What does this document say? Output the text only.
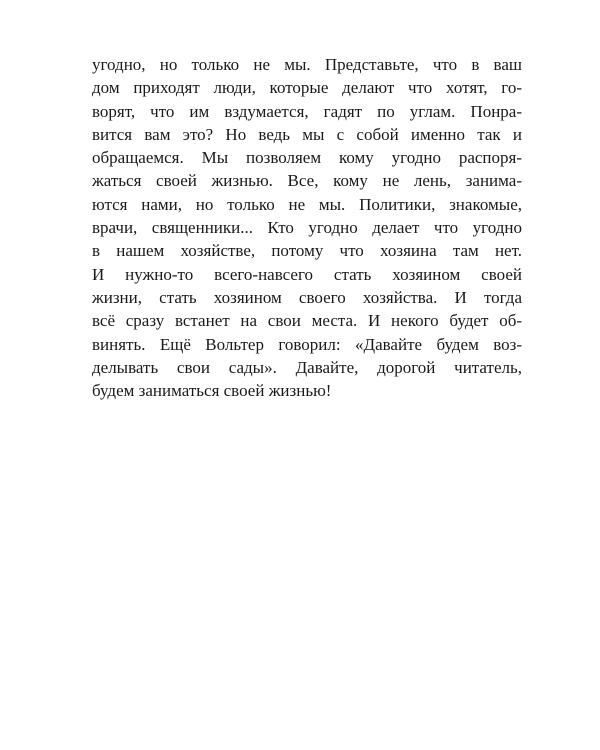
угодно, но только не мы. Представьте, что в ваш
дом приходят люди, которые делают что хотят, го-
ворят, что им вздумается, гадят по углам. Понра-
вится вам это? Но ведь мы с собой именно так и
обращаемся. Мы позволяем кому угодно распоря-
жаться своей жизнью. Все, кому не лень, занима-
ются нами, но только не мы. Политики, знакомые,
врачи, священники... Кто угодно делает что угодно
в нашем хозяйстве, потому что хозяина там нет.
И нужно-то всего-навсего стать хозяином своей
жизни, стать хозяином своего хозяйства. И тогда
всё сразу встанет на свои места. И некого будет об-
винять. Ещё Вольтер говорил: «Давайте будем воз-
делывать свои сады». Давайте, дорогой читатель,
будем заниматься своей жизнью!
